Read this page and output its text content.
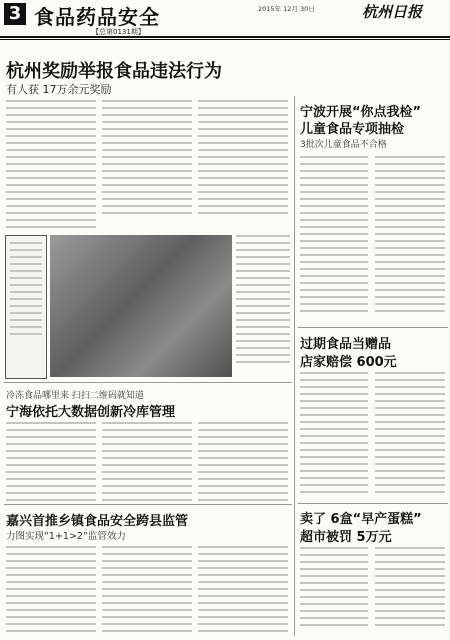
3 食品药品安全
【总第0131期】
2015年 12月 30日	杭州日报
杭州奖励举报食品违法行为
有人获 17万余元奖励
宁波开展“你点我检”
儿童食品专项抽检
3批次儿童食品不合格
过期食品当赠品
店家赔偿 600元
卖了 6盒“早产蛋糕”
超市被罚 5万元
冷冻食品哪里来 扫扫二维码就知道
宁海依托大数据创新冷库管理
嘉兴首推乡镇食品安全跨县监管
力图实现“1+1>2”监管效力
